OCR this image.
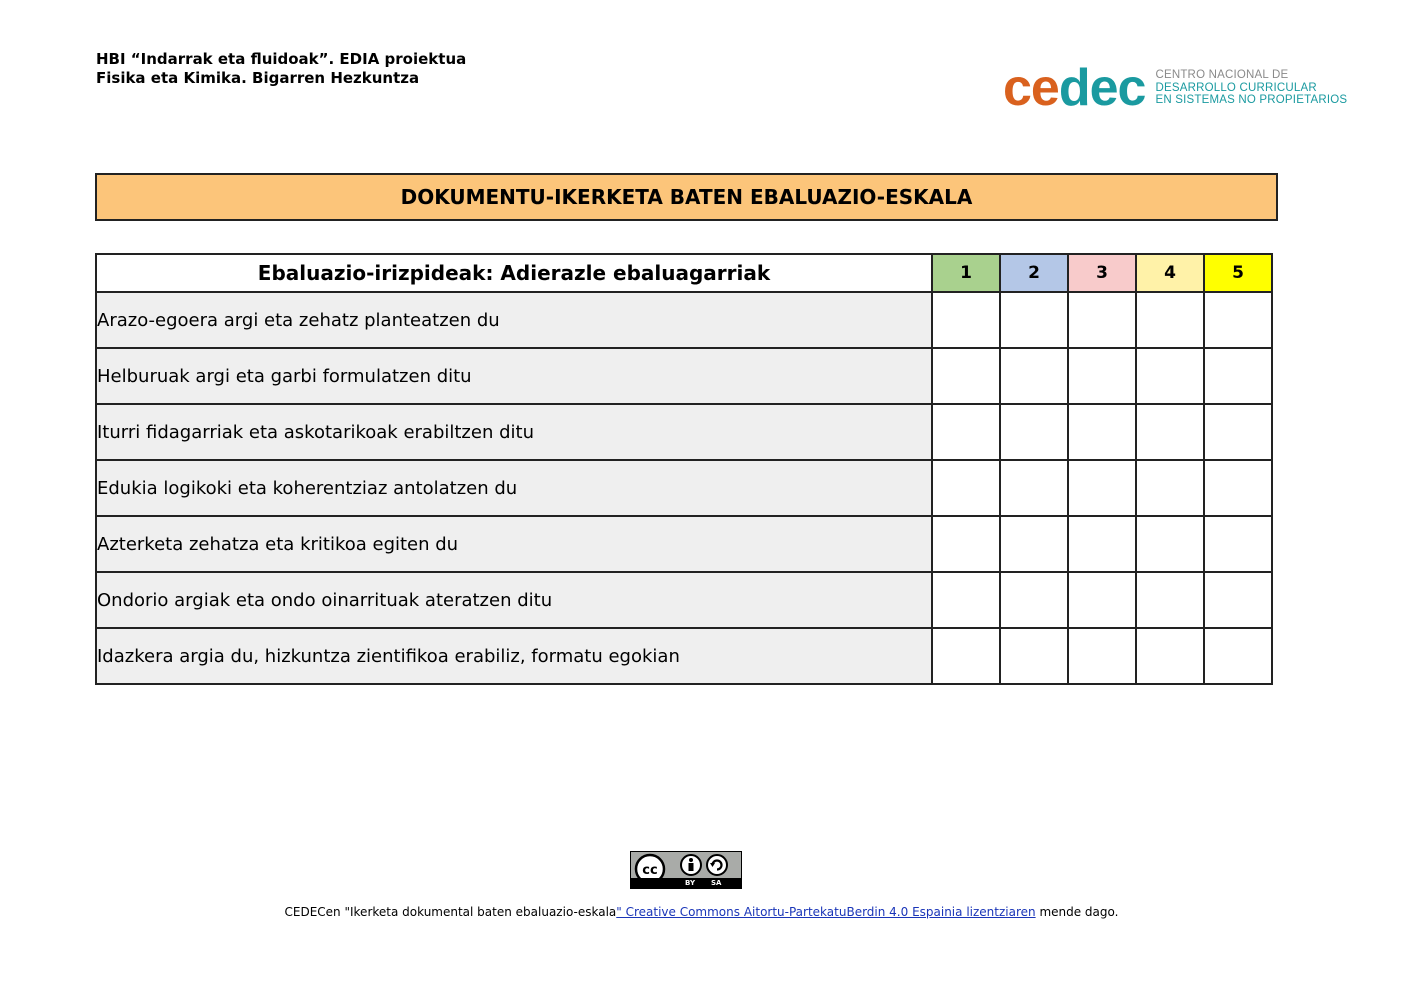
HBI “Indarrak eta fluidoak”. EDIA proiektua
Fisika eta Kimika. Bigarren Hezkuntza	cedec CENTRO NACIONAL DE
DESARROLLO CURRICULAR
EN SISTEMAS NO PROPIETARIOS
DOKUMENTU-IKERKETA BATEN EBALUAZIO-ESKALA
Ebaluazio-irizpideak: Adierazle ebaluagarriak	1	2	3	4	5
Arazo-egoera argi eta zehatz planteatzen du					
Helburuak argi eta garbi formulatzen ditu					
Iturri fidagarriak eta askotarikoak erabiltzen ditu					
Edukia logikoki eta koherentziaz antolatzen du					
Azterketa zehatza eta kritikoa egiten du					
Ondorio argiak eta ondo oinarrituak ateratzen ditu					
Idazkera argia du, hizkuntza zientifikoa erabiliz, formatu egokian					
cc
BY SA
CEDECen "Ikerketa dokumental baten ebaluazio-eskala" Creative Commons Aitortu-PartekatuBerdin 4.0 Espainia lizentziaren mende dago.
